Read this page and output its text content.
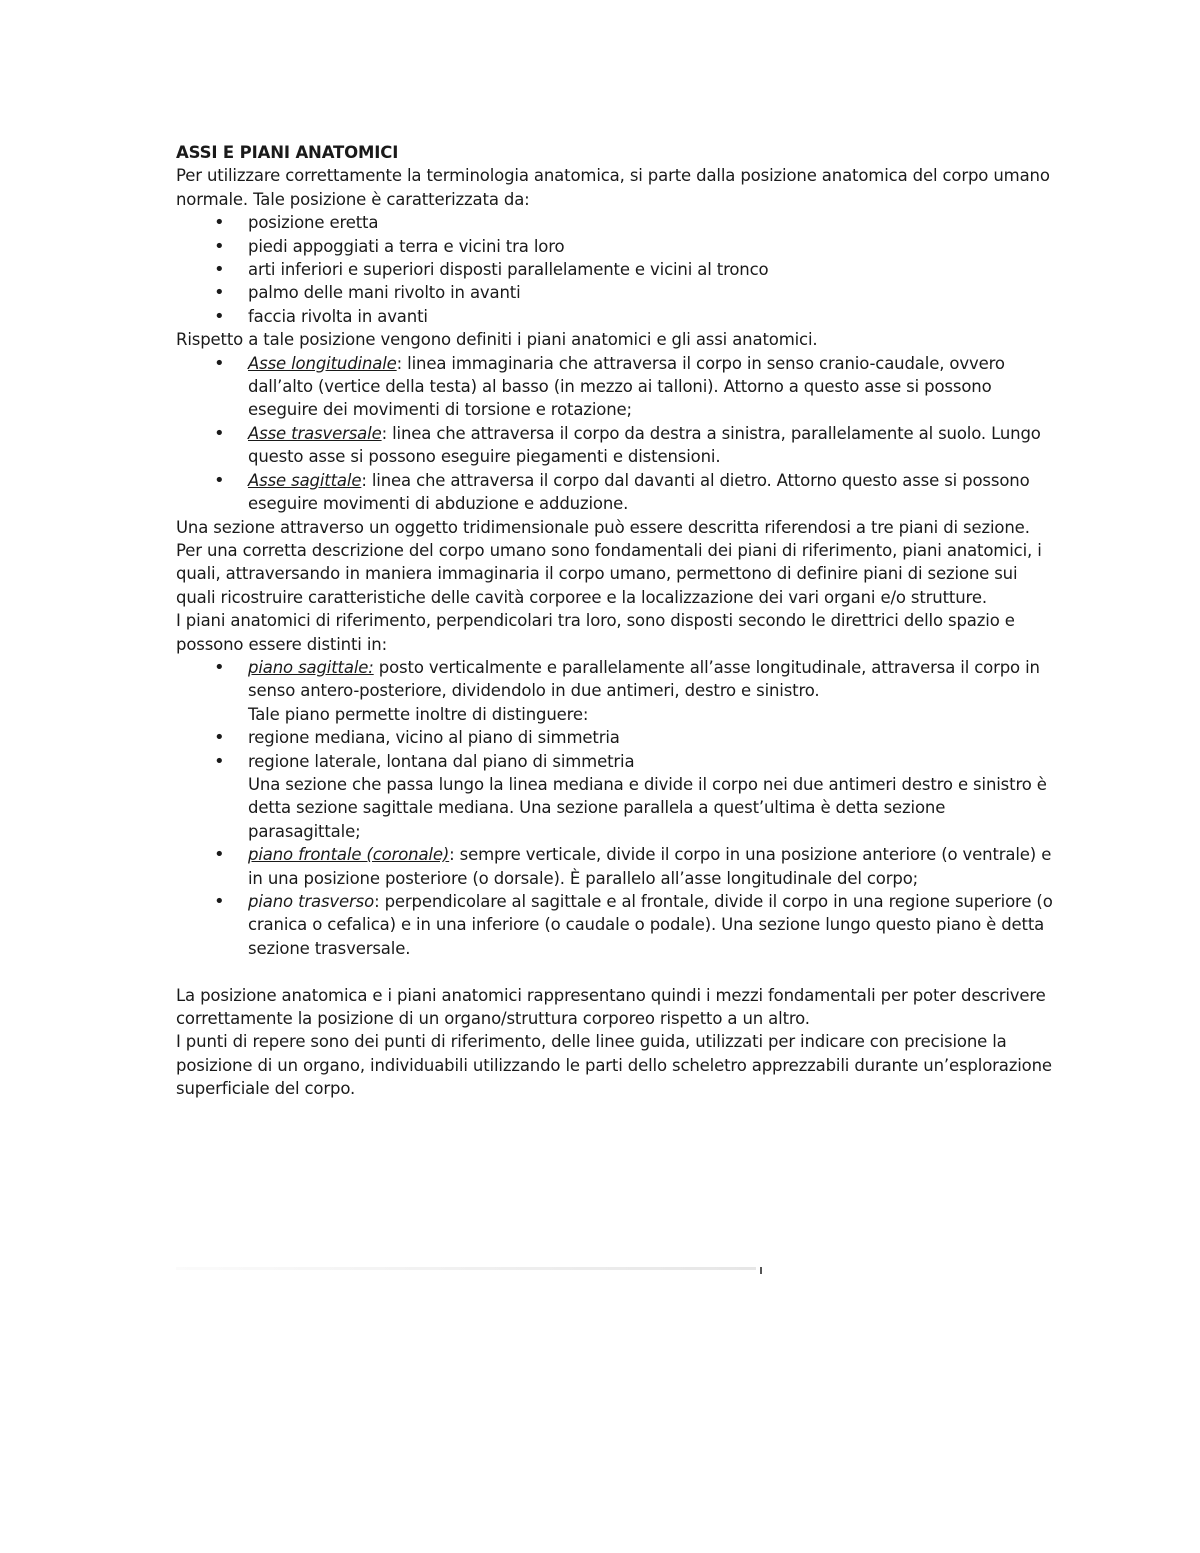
ASSI E PIANI ANATOMICI

Per utilizzare correttamente la terminologia anatomica, si parte dalla posizione anatomica del corpo umano normale. Tale posizione è caratterizzata da:

• posizione eretta
• piedi appoggiati a terra e vicini tra loro
• arti inferiori e superiori disposti parallelamente e vicini al tronco
• palmo delle mani rivolto in avanti
• faccia rivolta in avanti

Rispetto a tale posizione vengono definiti i piani anatomici e gli assi anatomici.

• Asse longitudinale: linea immaginaria che attraversa il corpo in senso cranio-caudale, ovvero dall’alto (vertice della testa) al basso (in mezzo ai talloni). Attorno a questo asse si possono eseguire dei movimenti di torsione e rotazione;
• Asse trasversale: linea che attraversa il corpo da destra a sinistra, parallelamente al suolo. Lungo questo asse si possono eseguire piegamenti e distensioni.
• Asse sagittale: linea che attraversa il corpo dal davanti al dietro. Attorno questo asse si possono eseguire movimenti di abduzione e adduzione.

Una sezione attraverso un oggetto tridimensionale può essere descritta riferendosi a tre piani di sezione.

Per una corretta descrizione del corpo umano sono fondamentali dei piani di riferimento, piani anatomici, i quali, attraversando in maniera immaginaria il corpo umano, permettono di definire piani di sezione sui quali ricostruire caratteristiche delle cavità corporee e la localizzazione dei vari organi e/o strutture.

I piani anatomici di riferimento, perpendicolari tra loro, sono disposti secondo le direttrici dello spazio e possono essere distinti in:

• piano sagittale: posto verticalmente e parallelamente all’asse longitudinale, attraversa il corpo in senso antero-posteriore, dividendolo in due antimeri, destro e sinistro.

Tale piano permette inoltre di distinguere:

• regione mediana, vicino al piano di simmetria
• regione laterale, lontana dal piano di simmetria

Una sezione che passa lungo la linea mediana e divide il corpo nei due antimeri destro e sinistro è detta sezione sagittale mediana. Una sezione parallela a quest’ultima è detta sezione parasagittale;

• piano frontale (coronale): sempre verticale, divide il corpo in una posizione anteriore (o ventrale) e in una posizione posteriore (o dorsale). È parallelo all’asse longitudinale del corpo;
• piano trasverso: perpendicolare al sagittale e al frontale, divide il corpo in una regione superiore (o cranica o cefalica) e in una inferiore (o caudale o podale). Una sezione lungo questo piano è detta sezione trasversale.

La posizione anatomica e i piani anatomici rappresentano quindi i mezzi fondamentali per poter descrivere correttamente la posizione di un organo/struttura corporeo rispetto a un altro.

I punti di repere sono dei punti di riferimento, delle linee guida, utilizzati per indicare con precisione la posizione di un organo, individuabili utilizzando le parti dello scheletro apprezzabili durante un’esplorazione superficiale del corpo.
